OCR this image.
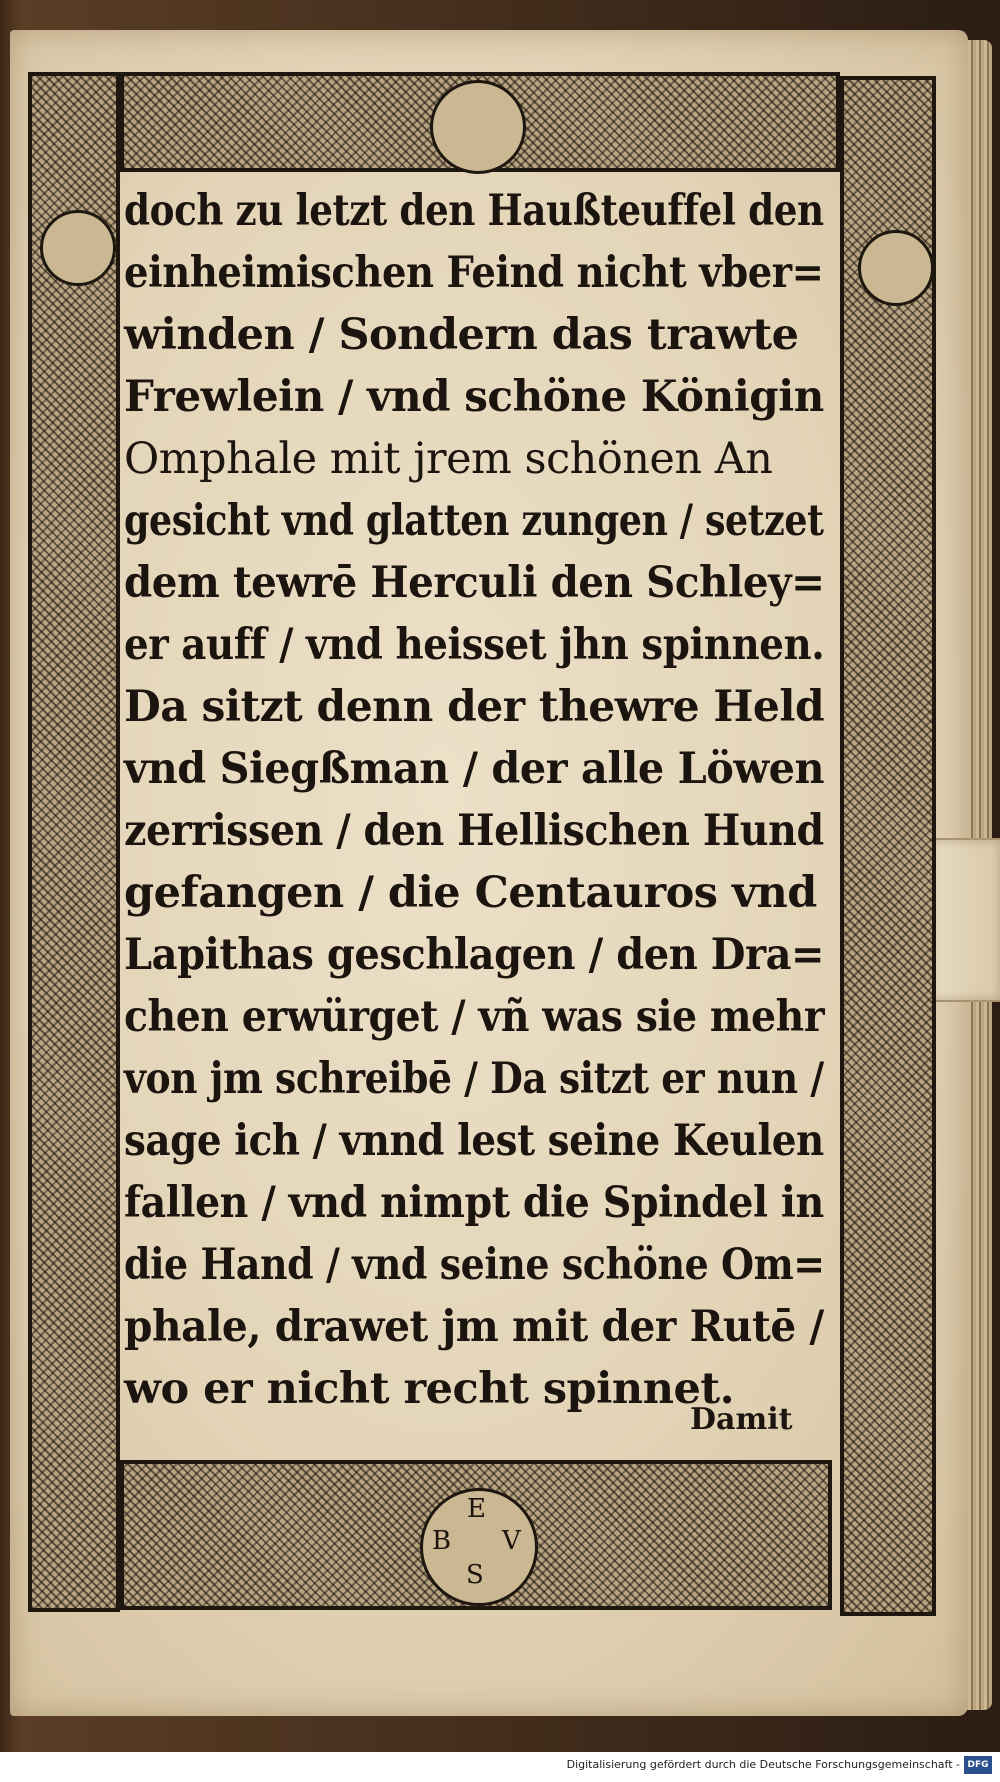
E
B V
S
doch zu letzt den Haußteuffel den
einheimischen Feind nicht vber=
winden / Sondern das trawte
Frewlein / vnd schöne Königin
Omphale mit jrem schönen An
gesicht vnd glatten zungen / setzet
dem tewrē Herculi den Schley=
er auff / vnd heisset jhn spinnen.
Da sitzt denn der thewre Held
vnd Siegßman / der alle Löwen
zerrissen / den Hellischen Hund
gefangen / die Centauros vnd
Lapithas geschlagen / den Dra=
chen erwürget / vñ was sie mehr
von jm schreibē / Da sitzt er nun /
sage ich / vnnd lest seine Keulen
fallen / vnd nimpt die Spindel in
die Hand / vnd seine schöne Om=
phale, drawet jm mit der Rutē /
wo er nicht recht spinnet.
Damit
Digitalisierung gefördert durch die Deutsche Forschungsgemeinschaft - DFG
